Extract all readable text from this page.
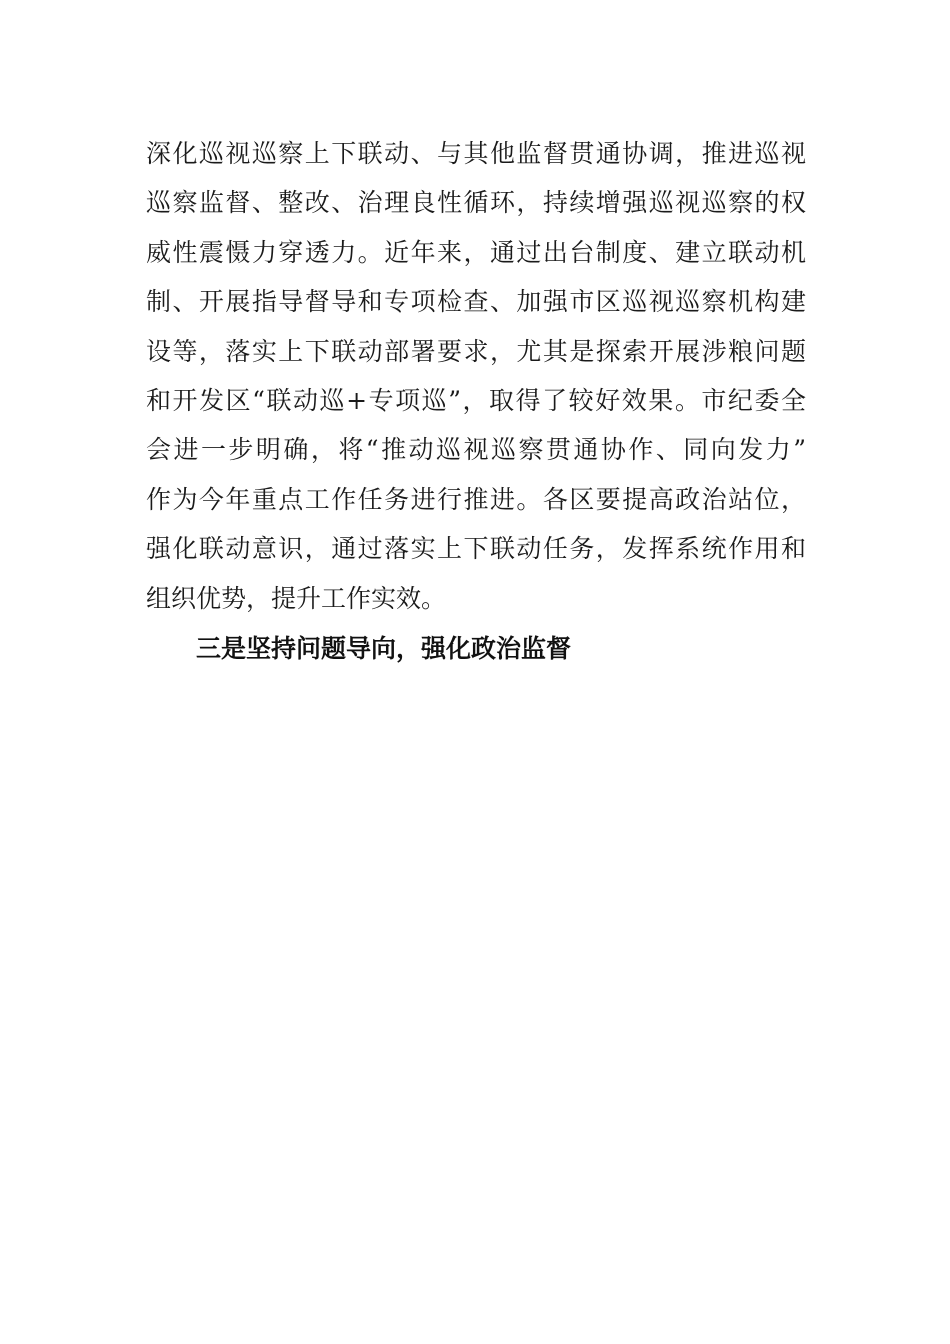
深化巡视巡察上下联动、与其他监督贯通协调，推进巡视
巡察监督、整改、治理良性循环，持续增强巡视巡察的权
威性震慑力穿透力。近年来，通过出台制度、建立联动机
制、开展指导督导和专项检查、加强市区巡视巡察机构建
设等，落实上下联动部署要求，尤其是探索开展涉粮问题
和开发区“联动巡+专项巡”，取得了较好效果。市纪委全
会进一步明确，将“推动巡视巡察贯通协作、同向发力”
作为今年重点工作任务进行推进。各区要提高政治站位，
强化联动意识，通过落实上下联动任务，发挥系统作用和
组织优势，提升工作实效。
三是坚持问题导向，强化政治监督
